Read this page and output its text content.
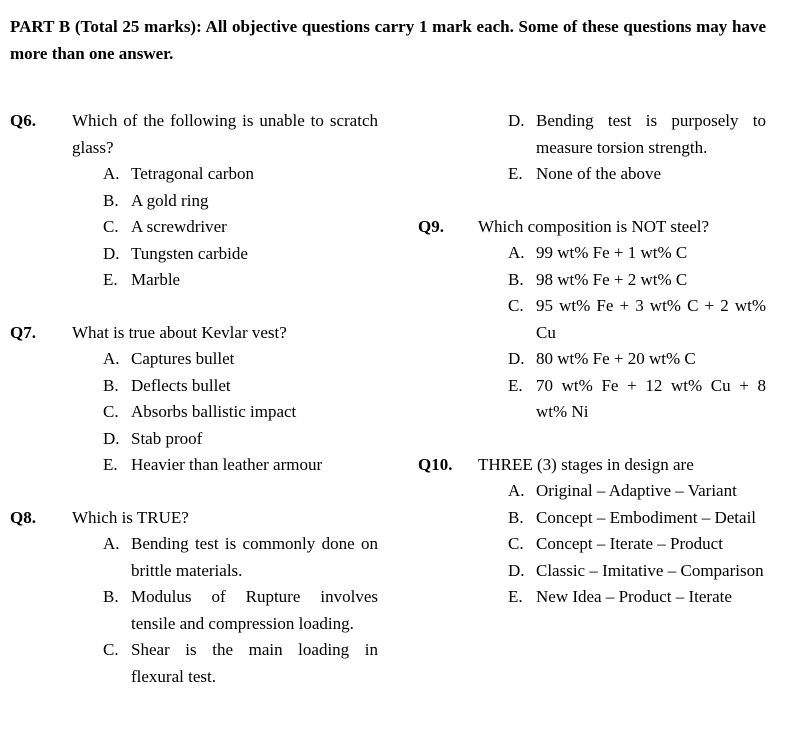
PART B (Total 25 marks): All objective questions carry 1 mark each. Some of these questions may have more than one answer.
Q6.	Which of the following is unable to scratch glass?
A. Tetragonal carbon
B. A gold ring
C. A screwdriver
D. Tungsten carbide
E. Marble
Q7.	What is true about Kevlar vest?
A. Captures bullet
B. Deflects bullet
C. Absorbs ballistic impact
D. Stab proof
E. Heavier than leather armour
Q8.	Which is TRUE?
A. Bending test is commonly done on brittle materials.
B. Modulus of Rupture involves tensile and compression loading.
C. Shear is the main loading in flexural test.
D. Bending test is purposely to measure torsion strength.
E. None of the above
Q9.	Which composition is NOT steel?
A. 99 wt% Fe + 1 wt% C
B. 98 wt% Fe + 2 wt% C
C. 95 wt% Fe + 3 wt% C + 2 wt% Cu
D. 80 wt% Fe + 20 wt% C
E. 70 wt% Fe + 12 wt% Cu + 8 wt% Ni
Q10.	THREE (3) stages in design are
A. Original – Adaptive – Variant
B. Concept – Embodiment – Detail
C. Concept – Iterate – Product
D. Classic – Imitative – Comparison
E. New Idea – Product – Iterate
